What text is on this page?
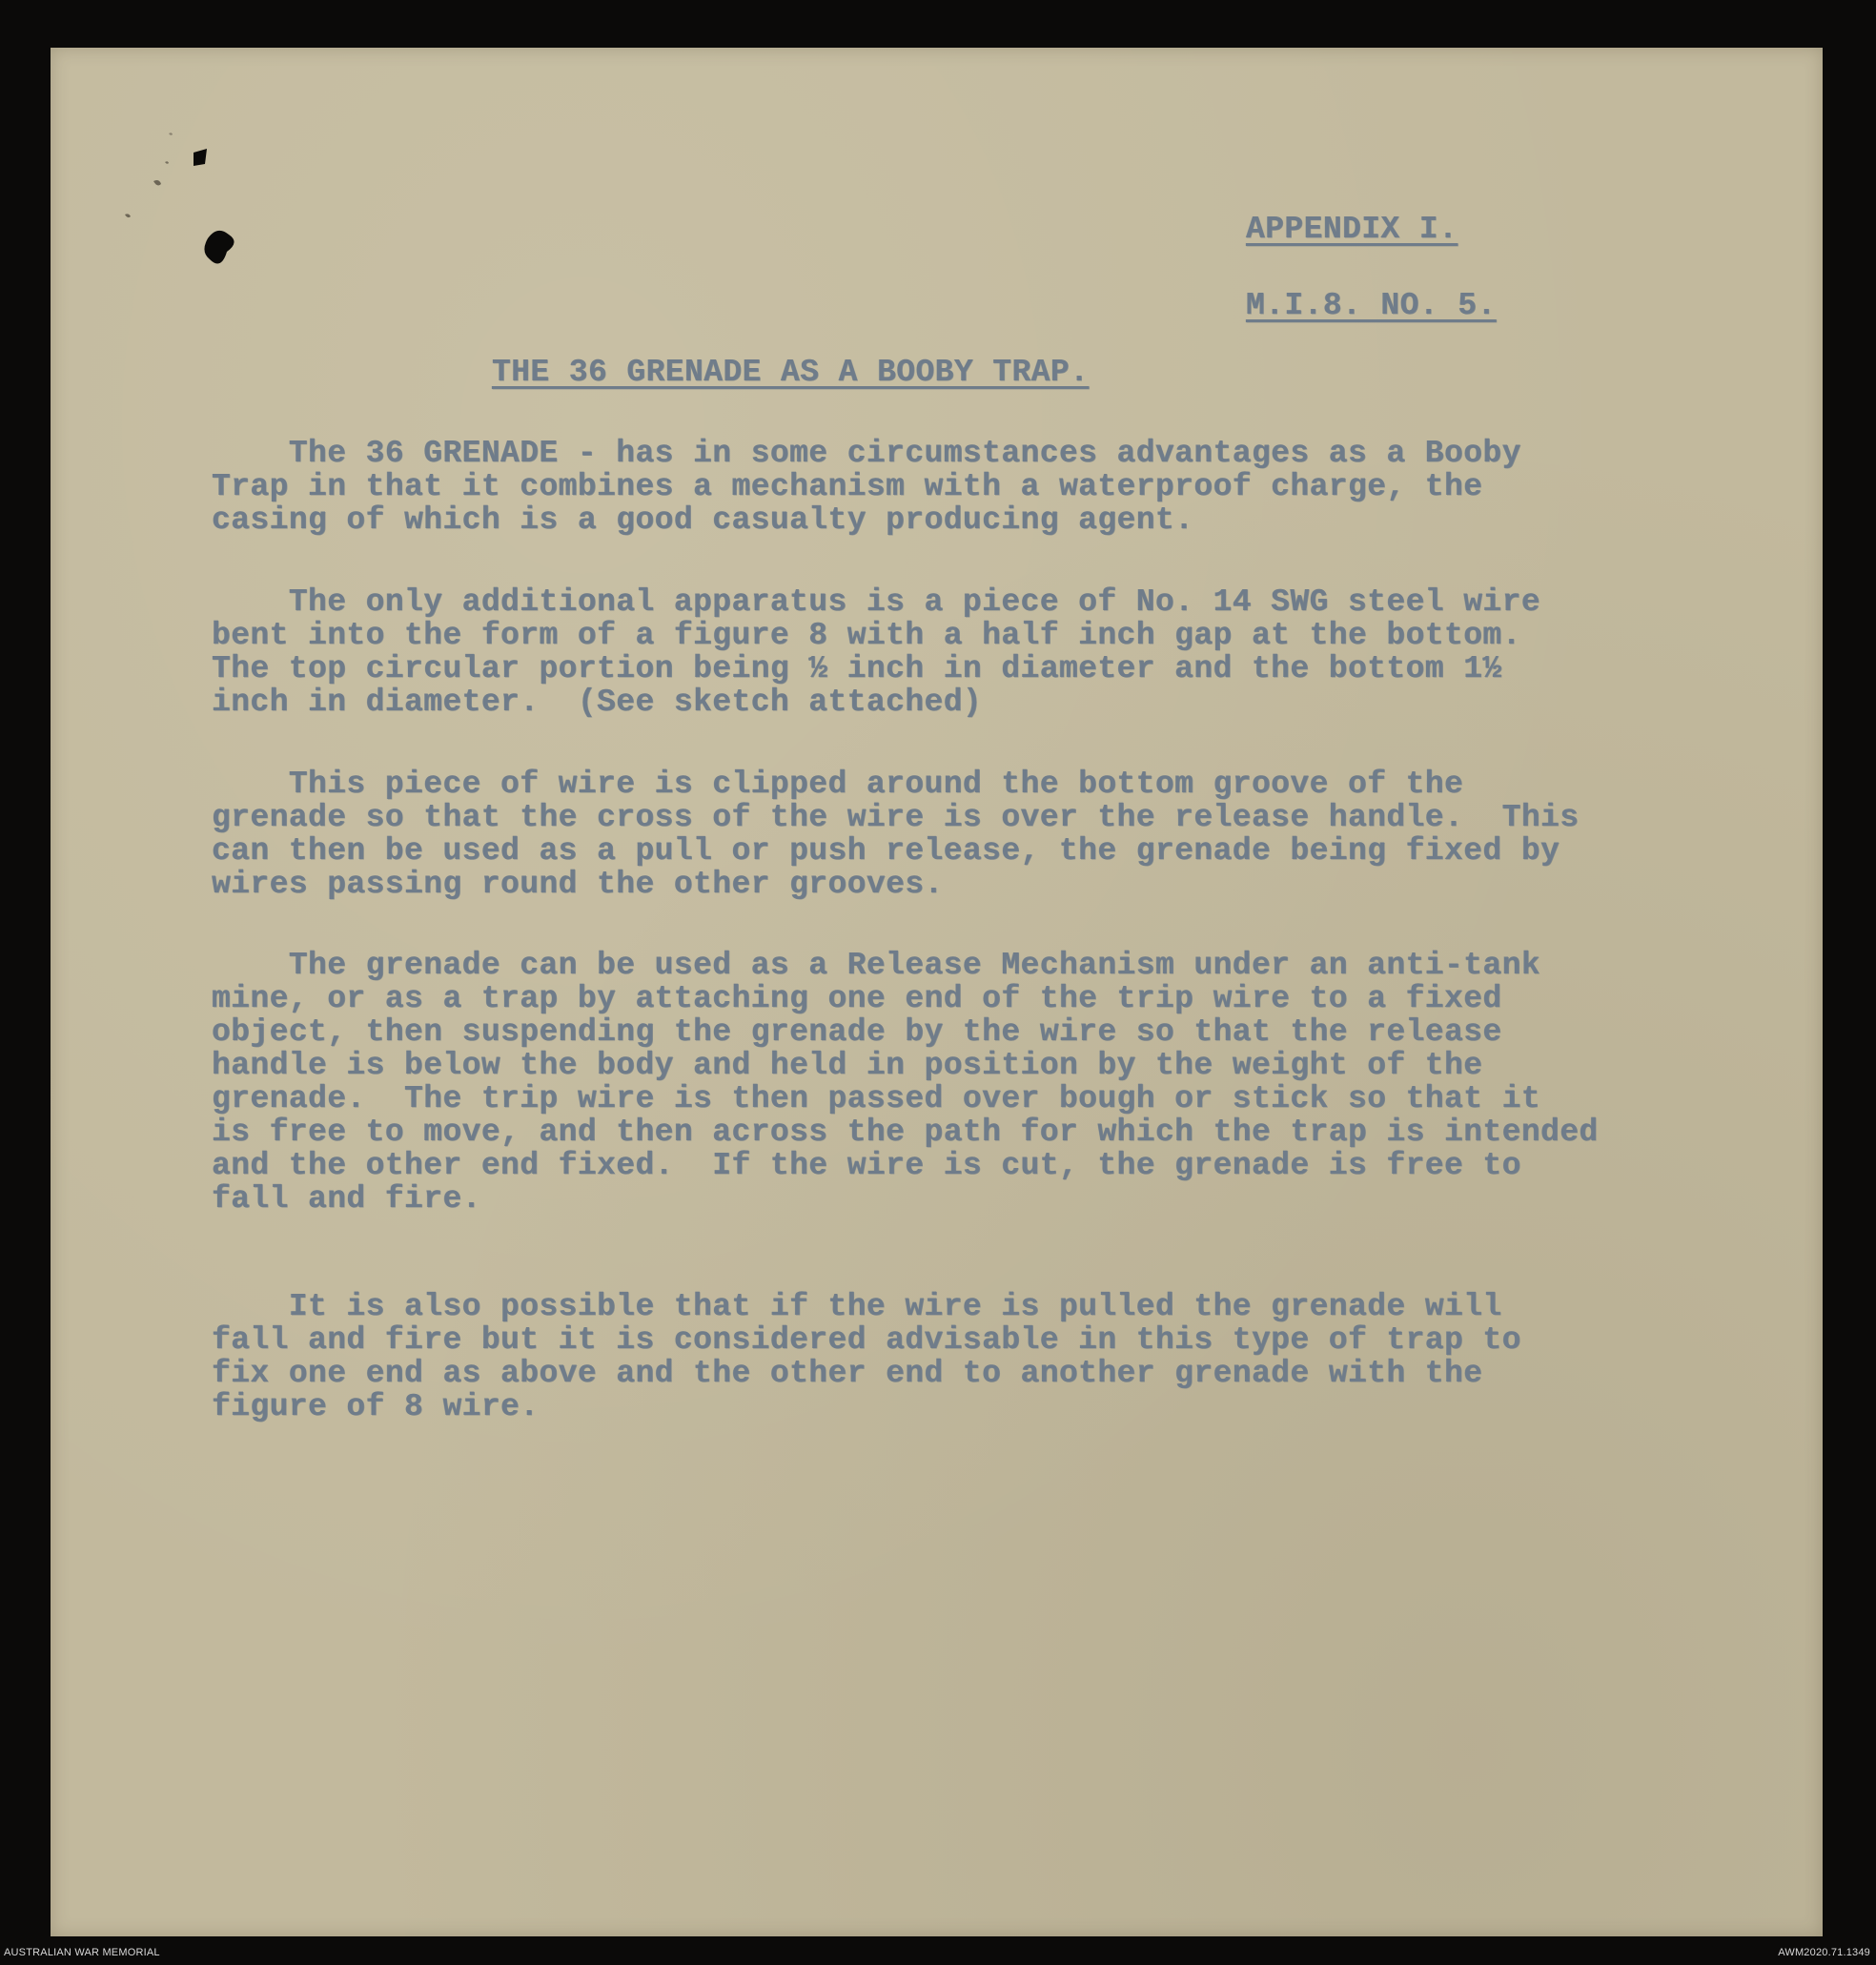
APPENDIX I.
M.I.8. NO. 5.
THE 36 GRENADE AS A BOOBY TRAP.
The 36 GRENADE - has in some circumstances advantages as a Booby
Trap in that it combines a mechanism with a waterproof charge, the
casing of which is a good casualty producing agent.
The only additional apparatus is a piece of No. 14 SWG steel wire
bent into the form of a figure 8 with a half inch gap at the bottom.
The top circular portion being ½ inch in diameter and the bottom 1½
inch in diameter.  (See sketch attached)
This piece of wire is clipped around the bottom groove of the
grenade so that the cross of the wire is over the release handle.  This
can then be used as a pull or push release, the grenade being fixed by
wires passing round the other grooves.
The grenade can be used as a Release Mechanism under an anti-tank
mine, or as a trap by attaching one end of the trip wire to a fixed
object, then suspending the grenade by the wire so that the release
handle is below the body and held in position by the weight of the
grenade.  The trip wire is then passed over bough or stick so that it
is free to move, and then across the path for which the trap is intended
and the other end fixed.  If the wire is cut, the grenade is free to
fall and fire.
It is also possible that if the wire is pulled the grenade will
fall and fire but it is considered advisable in this type of trap to
fix one end as above and the other end to another grenade with the
figure of 8 wire.
AUSTRALIAN WAR MEMORIAL	AWM2020.71.1349
